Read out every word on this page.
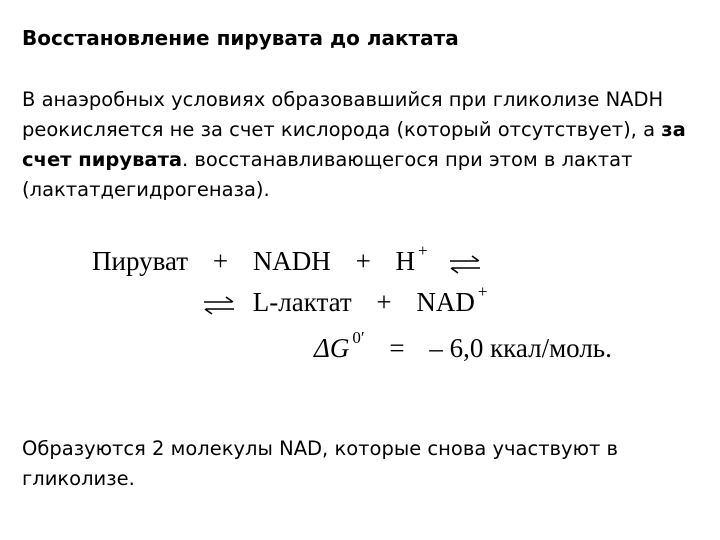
Восстановление пирувата до лактата
В анаэробных условиях образовавшийся при гликолизе NADH реокисляется не за счет кислорода (который отсутствует), а за счет пирувата. восстанавливающегося при этом в лактат (лактатдегидрогеназа).
Пируват + NADH + H +
⇌ L-лактат + NAD +
ΔG $^{0'}$ = – 6,0 ккал/моль.
Образуются 2 молекулы NAD, которые снова участвуют в гликолизе.
